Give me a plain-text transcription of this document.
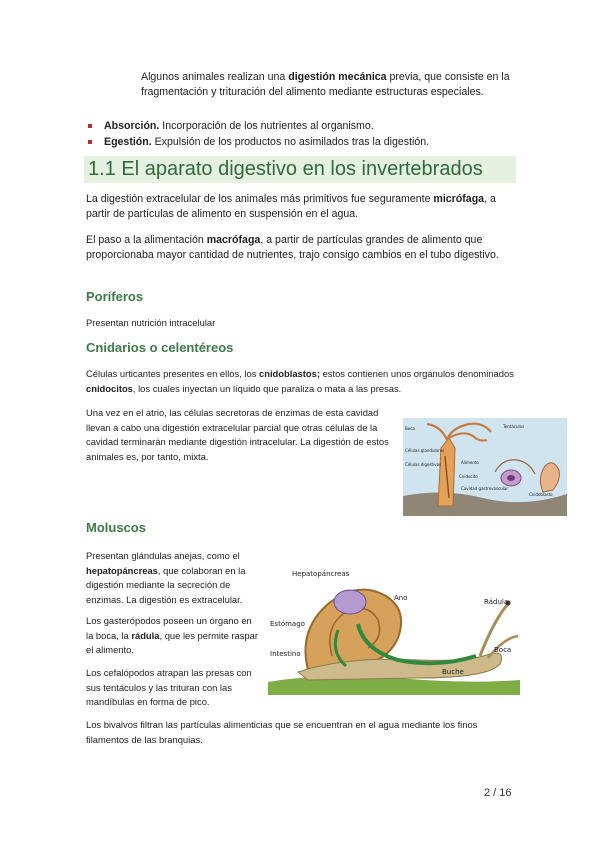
Algunos animales realizan una digestión mecánica previa, que consiste en la fragmentación y trituración del alimento mediante estructuras especiales.
Absorción. Incorporación de los nutrientes al organismo.
Egestión. Expulsión de los productos no asimilados tras la digestión.
1.1 El aparato digestivo en los invertebrados
La digestión extracelular de los animales más primitivos fue seguramente micrófaga, a partir de partículas de alimento en suspensión en el agua.
El paso a la alimentación macrófaga, a partir de partículas grandes de alimento que proporcionaba mayor cantidad de nutrientes, trajo consigo cambios en el tubo digestivo.
Poríferos
Presentan nutrición intracelular
Cnidarios o celentéreos
Células urticantes presentes en ellos, los cnidoblastos; estos contienen unos orgánulos denominados cnidocitos, los cuales inyectan un líquido que paraliza o mata a las presas.
Una vez en el atrio, las células secretoras de enzimas de esta cavidad llevan a cabo una digestión extracelular parcial que otras células de la cavidad terminarán mediante digestión intracelular. La digestión de estos animales es, por tanto, mixta.
Boca	Tentáculos
Células glandulares
Células digestivas	Alimento
Cnidocito
Cavidad gastrovascular
Cnidoblasto
Moluscos
Presentan glándulas anejas, como el hepatopáncreas, que colaboran en la digestión mediante la secreción de enzimas. La digestión es extracelular.
Los gasterópodos poseen un órgano en la boca, la rádula, que les permite raspar el alimento.
Los cefalópodos atrapan las presas con sus tentáculos y las trituran con las mandíbulas en forma de pico.
Los bivalvos filtran las partículas alimenticias que se encuentran en el agua mediante los finos filamentos de las branquias.
Hepatopáncreas
Ano	Rádula
Estómago
Boca
Intestino
Buche
2 / 16
